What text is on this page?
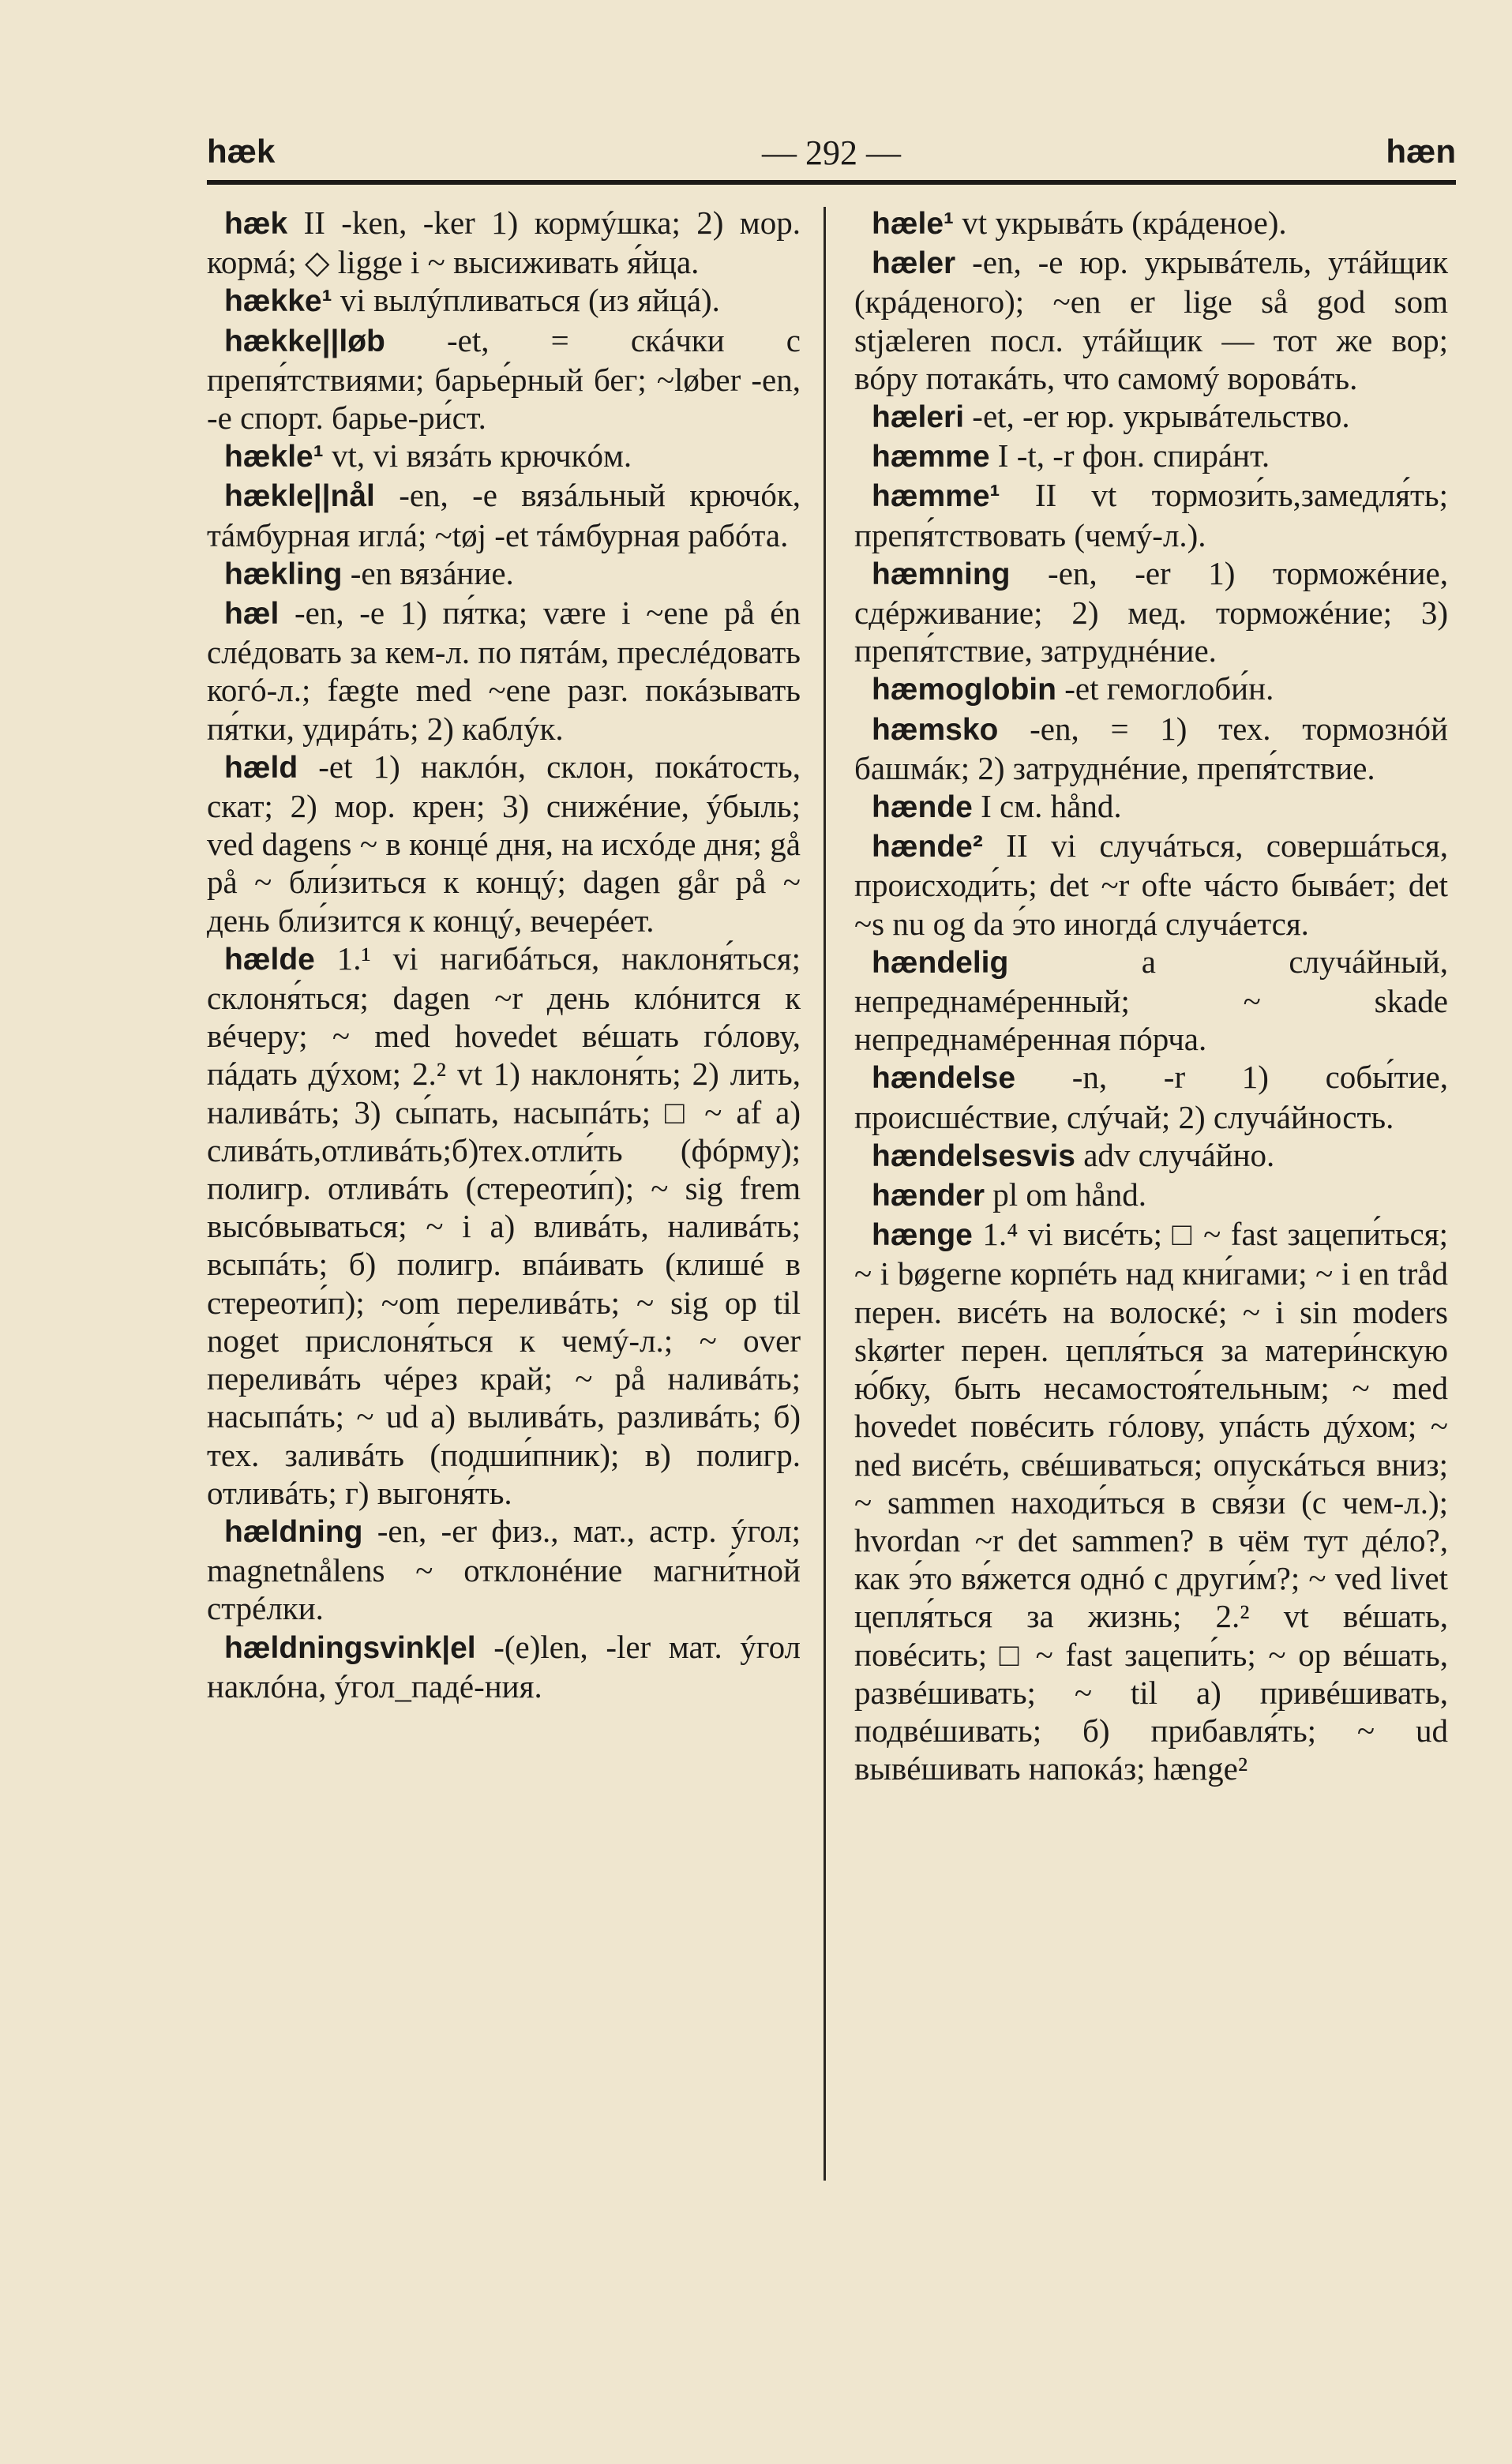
— 292 —
hæk	hæn

hæk II -ken, -ker 1) кормýшка; 2) мор. кормá; ◇ ligge i ~ высиживать я́йца.

hække¹ vi вылýпливаться (из яйцá).

hække||løb -et, = скáчки с препя́тствиями; барье́рный бег; ~løber -en, -e спорт. барье-ри́ст.

hækle¹ vt, vi вязáть крючкóм.

hækle||nål -en, -e вязáльный крючóк, тáмбурная иглá; ~tøj -et тáмбурная рабóта.

hækling -en вязáние.

hæl -en, -e 1) пя́тка; være i ~ene på én слéдовать за кем-л. по пятáм, преслéдовать когó-л.; fægte med ~ene разг. покáзывать пя́тки, удирáть; 2) каблýк.

hæld -et 1) наклóн, склон, покáтость, скат; 2) мор. крен; 3) снижéние, ýбыль; ved dagens ~ в концé дня, на исхóде дня; gå på ~ бли́зиться к концý; dagen går på ~ день бли́зится к концý, вечерéет.

hælde 1.¹ vi нагибáться, наклоня́ться; склоня́ться; dagen ~r день клóнится к вéчеру; ~ med hovedet вéшать гóлову, пáдать дýхом; 2.² vt 1) наклоня́ть; 2) лить, наливáть; 3) сы́пать, насыпáть; □ ~ af а) сливáть,отливáть;б)тех.отли́ть (фóрму); полигр. отливáть (стереоти́п); ~ sig frem высóвываться; ~ i а) вливáть, наливáть; всыпáть; б) полигр. впáивать (клишé в стереоти́п); ~om переливáть; ~ sig op til noget прислоня́ться к чемý-л.; ~ over переливáть чéрез край; ~ på наливáть; насыпáть; ~ ud а) выливáть, разливáть; б) тех. заливáть (подши́пник); в) полигр. отливáть; г) выгоня́ть.

hældning -en, -er физ., мат., астр. ýгол; magnetnålens ~ отклонéние магни́тной стрéлки.

hældningsvink|el -(e)len, -ler мат. ýгол наклóна, ýгол_падé-ния.

hæle¹ vt укрывáть (крáденое).

hæler -en, -e юр. укрывáтель, утáйщик (крáденого); ~en er lige så god som stjæleren посл. утáйщик — тот же вор; вóру потакáть, что самомý воровáть.

hæleri -et, -er юр. укрывáтельство.

hæmme I -t, -r фон. спирáнт.

hæmme¹ II vt тормози́ть,замедля́ть; препя́тствовать (чемý-л.).

hæmning -en, -er 1) торможéние, сдéрживание; 2) мед. торможéние; 3) препя́тствие, затруднéние.

hæmoglobin -et гемоглоби́н.

hæmsko -en, = 1) тех. тормознóй башмáк; 2) затруднéние, препя́тствие.

hænde I см. hånd.

hænde² II vi случáться, совершáться, происходи́ть; det ~r ofte чáсто бывáет; det ~s nu og da э́то иногдá случáется.

hændelig a случáйный, непреднамéренный; ~ skade непреднамéренная пóрча.

hændelse -n, -r 1) собы́тие, происшéствие, слýчай; 2) случáйность.

hændelsesvis adv случáйно.

hænder pl om hånd.

hænge 1.⁴ vi висéть; □ ~ fast зацепи́ться; ~ i bøgerne корпéть над кни́гами; ~ i en tråd перен. висéть на волоскé; ~ i sin moders skørter перен. цепля́ться за матери́нскую ю́бку, быть несамостоя́тельным; ~ med hovedet повéсить гóлову, упáсть дýхом; ~ ned висéть, свéшиваться; опускáться вниз; ~ sammen находи́ться в свя́зи (с чем-л.); hvordan ~r det sammen? в чём тут дéло?, как э́то вя́жется однó с други́м?; ~ ved livet цепля́ться за жизнь; 2.² vt вéшать, повéсить; □ ~ fast зацепи́ть; ~ op вéшать, развéшивать; ~ til а) привéшивать, подвéшивать; б) прибавля́ть; ~ ud вывéшивать напокáз; hænge²
